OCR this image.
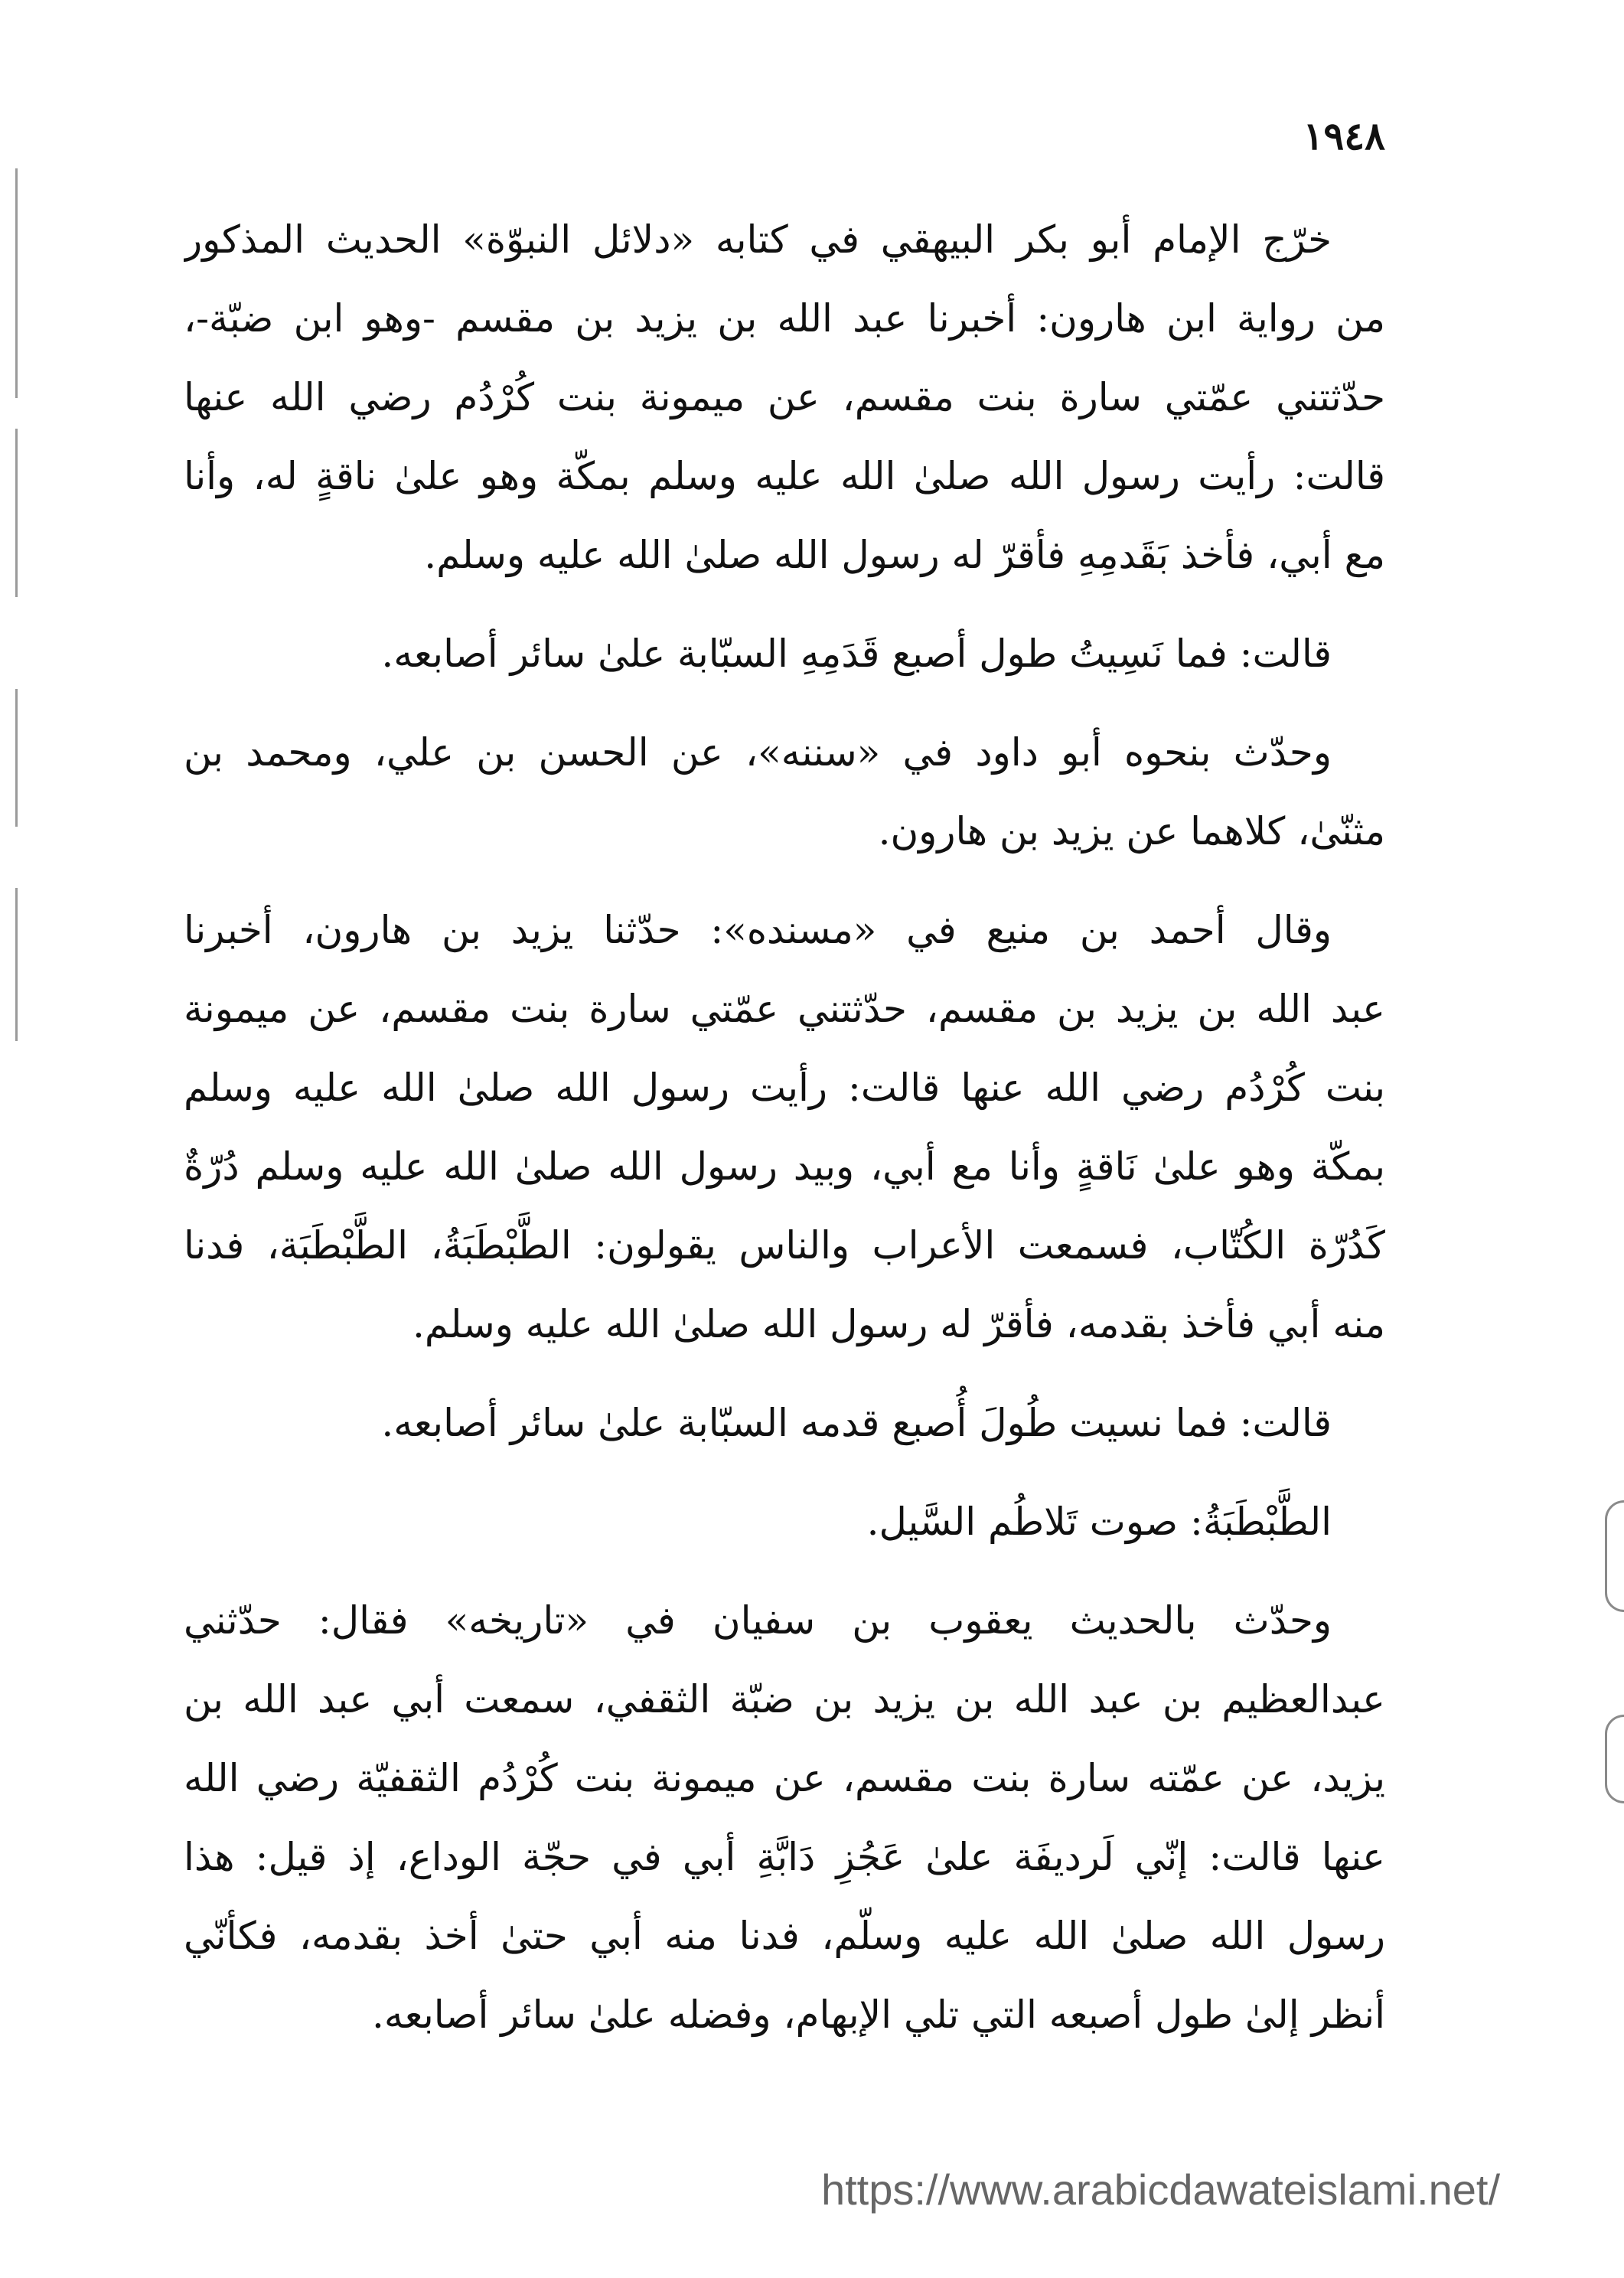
١٩٤٨
خرّج الإمام أبو بكر البيهقي في كتابه «دلائل النبوّة» الحديث المذكور
من رواية ابن هارون: أخبرنا عبد الله بن يزيد بن مقسم -وهو ابن ضبّة-،
حدّثتني عمّتي سارة بنت مقسم، عن ميمونة بنت كُرْدُم رضي الله عنها
قالت: رأيت رسول الله صلىٰ الله عليه وسلم بمكّة وهو علىٰ ناقةٍ له، وأنا
مع أبي، فأخذ بَقَدمِهِ فأقرّ له رسول الله صلىٰ الله عليه وسلم.
قالت: فما نَسِيتُ طول أصبع قَدَمِهِ السبّابة علىٰ سائر أصابعه.
وحدّث بنحوه أبو داود في «سننه»، عن الحسن بن علي، ومحمد بن
مثنّىٰ، كلاهما عن يزيد بن هارون.
وقال أحمد بن منيع في «مسنده»: حدّثنا يزيد بن هارون، أخبرنا
عبد الله بن يزيد بن مقسم، حدّثتني عمّتي سارة بنت مقسم، عن ميمونة
بنت كُرْدُم رضي الله عنها قالت: رأيت رسول الله صلىٰ الله عليه وسلم
بمكّة وهو علىٰ نَاقةٍ وأنا مع أبي، وبيد رسول الله صلىٰ الله عليه وسلم دُرّةٌ
كَدُرّة الكُتّاب، فسمعت الأعراب والناس يقولون: الطَّبْطَبَةُ، الطَّبْطَبَة، فدنا
منه أبي فأخذ بقدمه، فأقرّ له رسول الله صلىٰ الله عليه وسلم.
قالت: فما نسيت طُولَ أُصبع قدمه السبّابة علىٰ سائر أصابعه.
الطَّبْطَبَةُ: صوت تَلاطُم السَّيل.
وحدّث بالحديث يعقوب بن سفيان في «تاريخه» فقال: حدّثني
عبدالعظيم بن عبد الله بن يزيد بن ضبّة الثقفي، سمعت أبي عبد الله بن
يزيد، عن عمّته سارة بنت مقسم، عن ميمونة بنت كُرْدُم الثقفيّة رضي الله
عنها قالت: إنّي لَرديفَة علىٰ عَجُزِ دَابَّةِ أبي في حجّة الوداع، إذ قيل: هذا
رسول الله صلىٰ الله عليه وسلّم، فدنا منه أبي حتىٰ أخذ بقدمه، فكأنّي
أنظر إلىٰ طول أصبعه التي تلي الإبهام، وفضله علىٰ سائر أصابعه.
https://www.arabicdawateislami.net/
